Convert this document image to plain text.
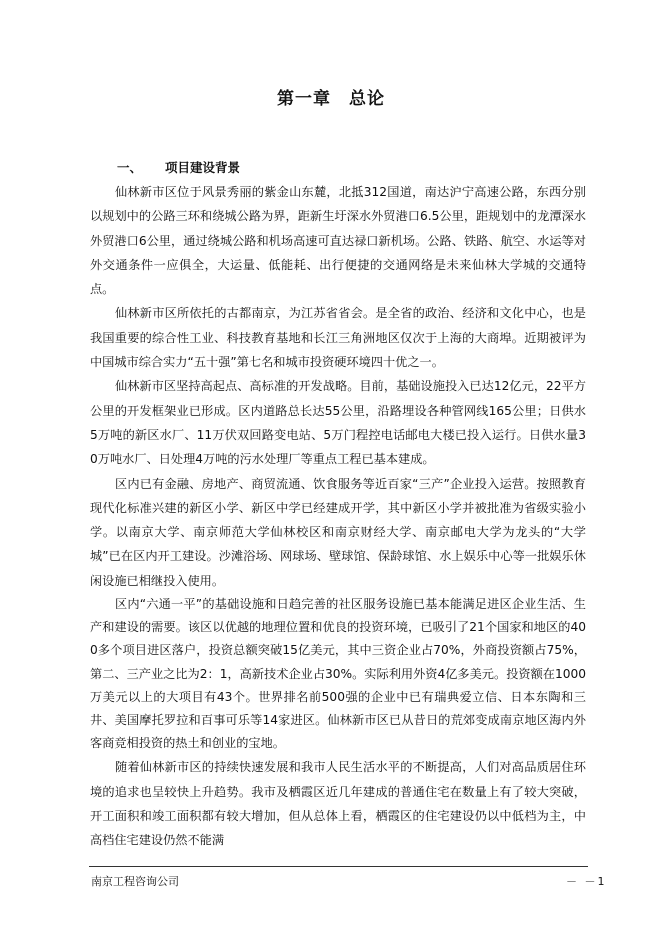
第一章 总论
一、 项目建设背景

仙林新市区位于风景秀丽的紫金山东麓，北抵312国道，南达沪宁高速公路，东西分别以规划中的公路三环和绕城公路为界，距新生圩深水外贸港口6.5公里，距规划中的龙潭深水外贸港口6公里，通过绕城公路和机场高速可直达禄口新机场。公路、铁路、航空、水运等对外交通条件一应俱全，大运量、低能耗、出行便捷的交通网络是未来仙林大学城的交通特点。

仙林新市区所依托的古都南京，为江苏省省会。是全省的政治、经济和文化中心，也是我国重要的综合性工业、科技教育基地和长江三角洲地区仅次于上海的大商埠。近期被评为中国城市综合实力“五十强”第七名和城市投资硬环境四十优之一。

仙林新市区坚持高起点、高标准的开发战略。目前，基础设施投入已达12亿元，22平方公里的开发框架业已形成。区内道路总长达55公里，沿路埋设各种管网线165公里；日供水5万吨的新区水厂、11万伏双回路变电站、5万门程控电话邮电大楼已投入运行。日供水量30万吨水厂、日处理4万吨的污水处理厂等重点工程已基本建成。

区内已有金融、房地产、商贸流通、饮食服务等近百家“三产”企业投入运营。按照教育现代化标准兴建的新区小学、新区中学已经建成开学，其中新区小学并被批准为省级实验小学。以南京大学、南京师范大学仙林校区和南京财经大学、南京邮电大学为龙头的“大学城”已在区内开工建设。沙滩浴场、网球场、壁球馆、保龄球馆、水上娱乐中心等一批娱乐休闲设施已相继投入使用。

区内“六通一平”的基础设施和日趋完善的社区服务设施已基本能满足进区企业生活、生产和建设的需要。该区以优越的地理位置和优良的投资环境，已吸引了21个国家和地区的400多个项目进区落户，投资总额突破15亿美元，其中三资企业占70%，外商投资额占75%，第二、三产业之比为2：1，高新技术企业占30%。实际利用外资4亿多美元。投资额在1000万美元以上的大项目有43个。世界排名前500强的企业中已有瑞典爱立信、日本东陶和三井、美国摩托罗拉和百事可乐等14家进区。仙林新市区已从昔日的荒郊变成南京地区海内外客商竞相投资的热土和创业的宝地。

随着仙林新市区的持续快速发展和我市人民生活水平的不断提高，人们对高品质居住环境的追求也呈较快上升趋势。我市及栖霞区近几年建成的普通住宅在数量上有了较大突破，开工面积和竣工面积都有较大增加，但从总体上看，栖霞区的住宅建设仍以中低档为主，中高档住宅建设仍然不能满

南京工程咨询公司	－ －1
